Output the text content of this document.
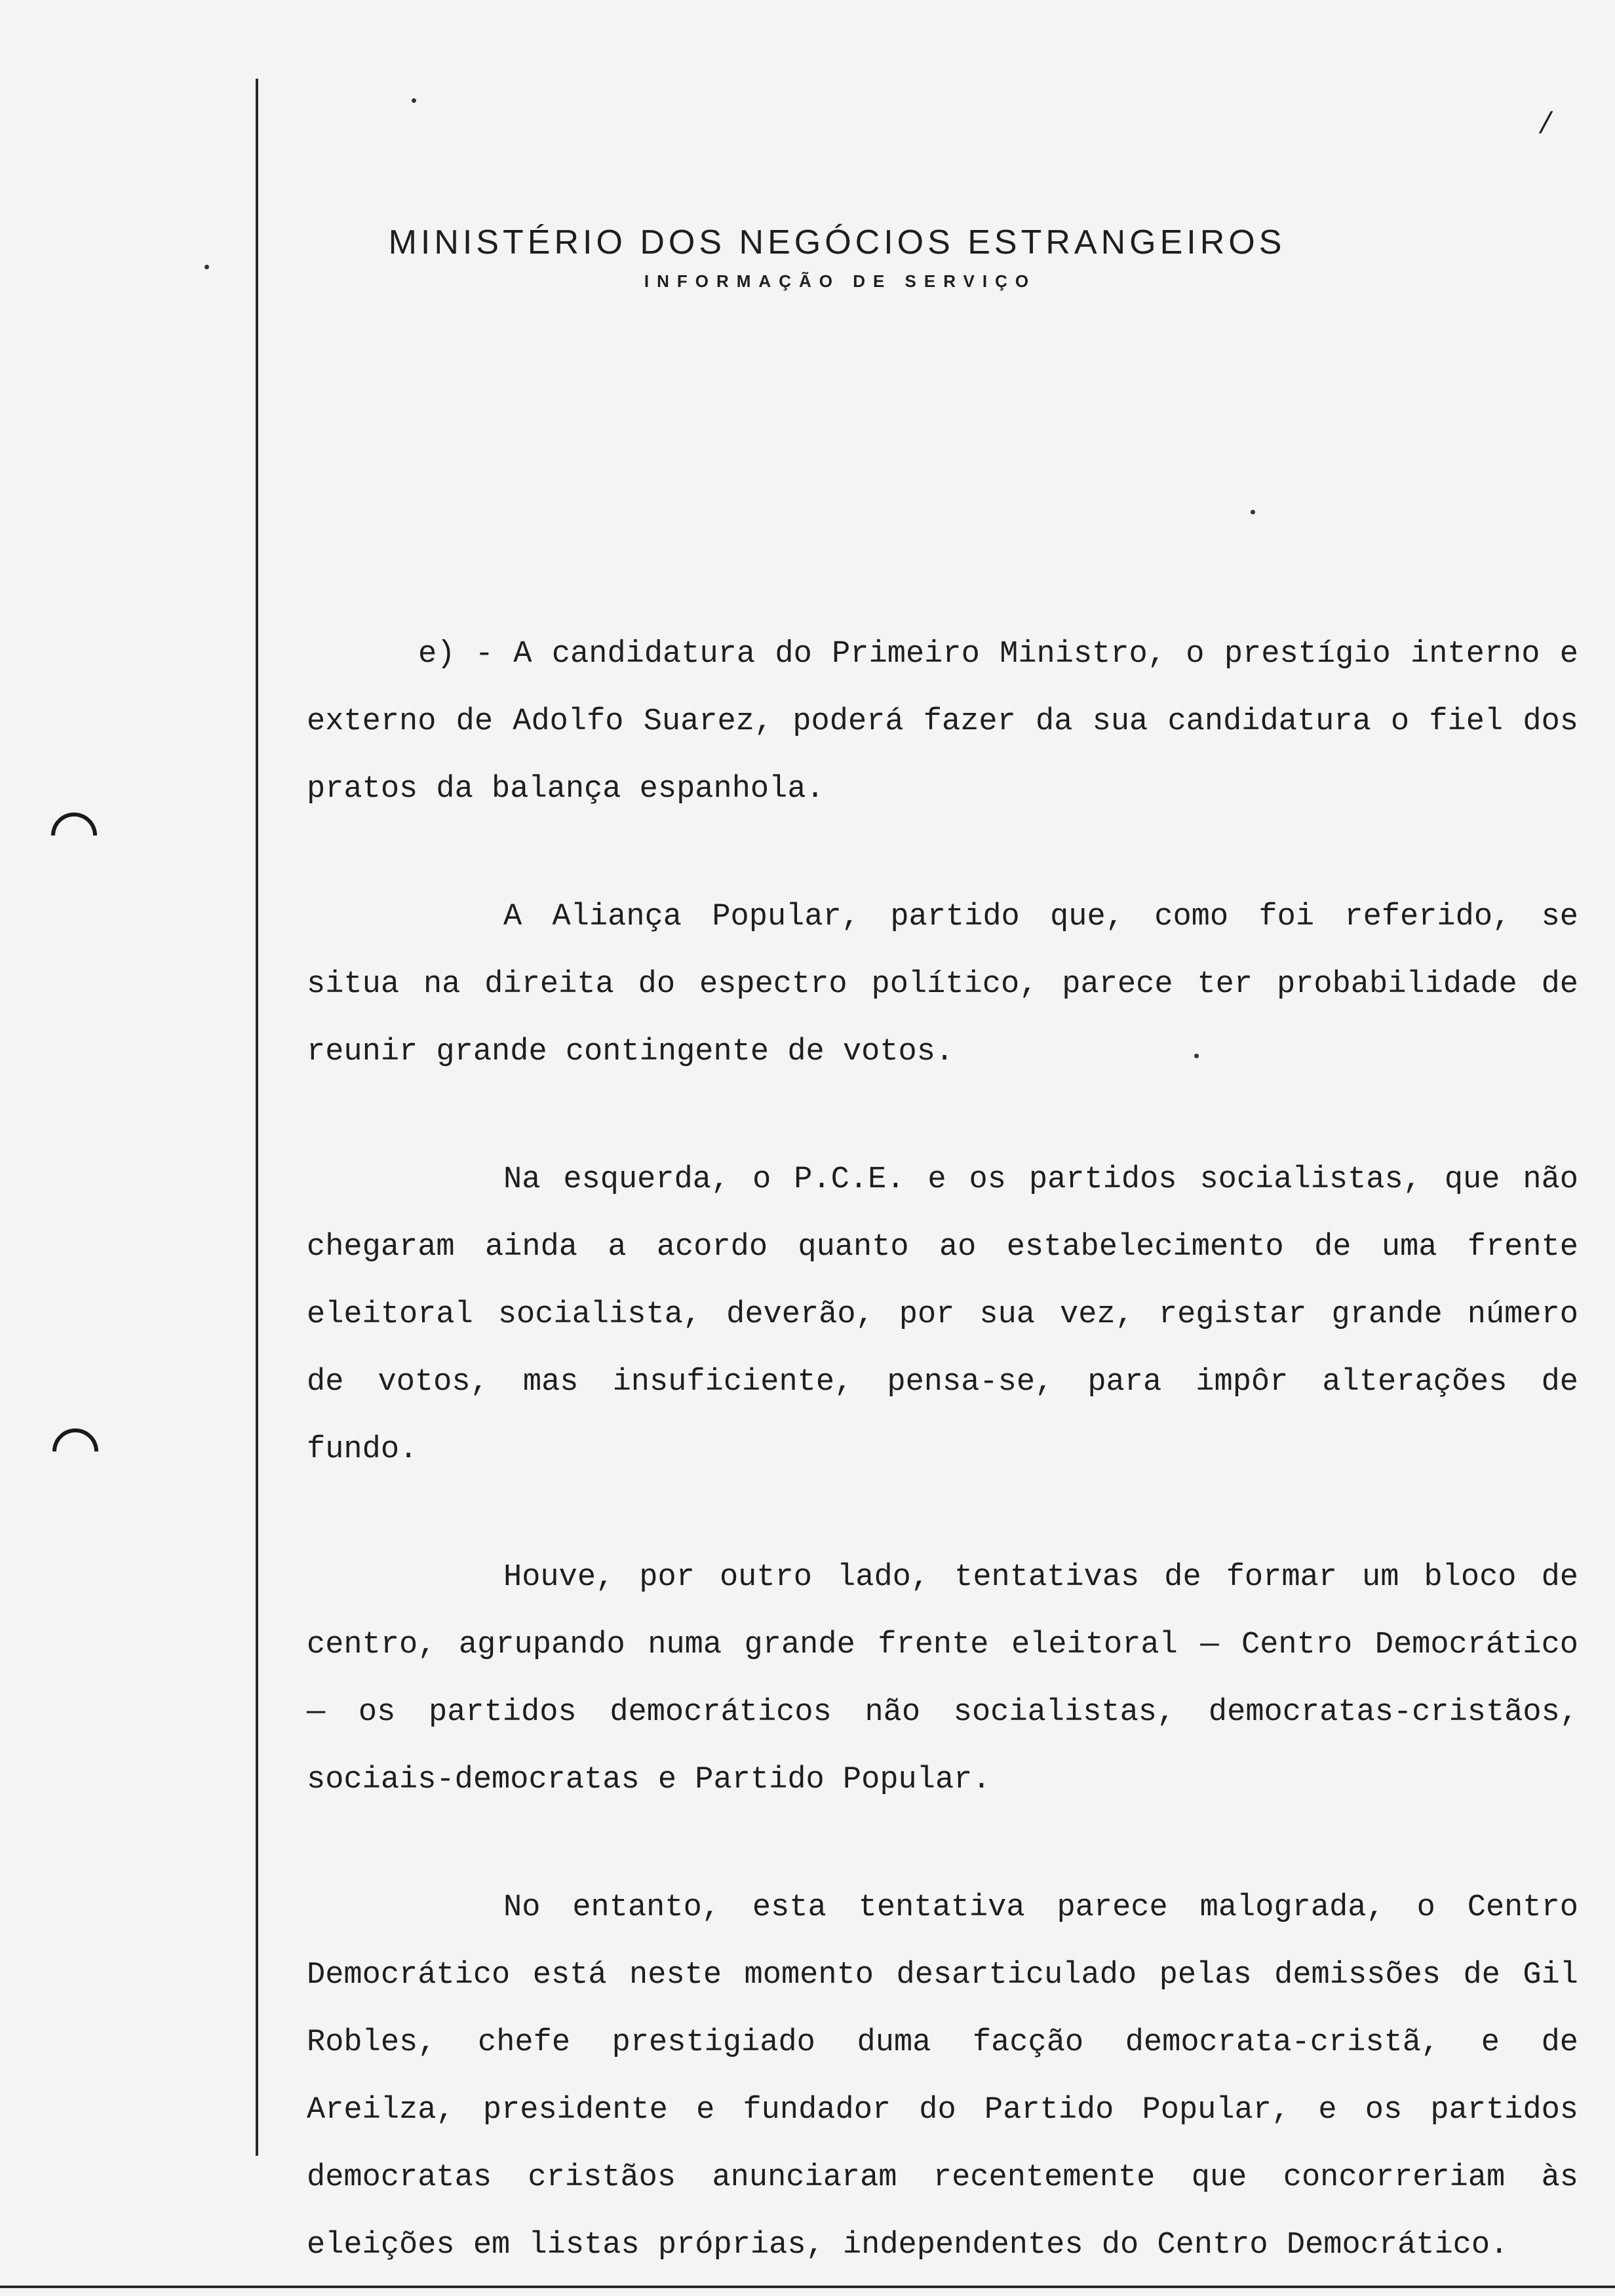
/
MINISTÉRIO DOS NEGÓCIOS ESTRANGEIROS
INFORMAÇÃO DE SERVIÇO

e) - A candidatura do Primeiro Ministro, o prestígio interno e externo de Adolfo Suarez, poderá fazer da sua candidatura o fiel dos pratos da balança espanhola.

A Aliança Popular, partido que, como foi referido, se situa na direita do espectro político, parece ter probabilidade de reunir grande contingente de votos.

Na esquerda, o P.C.E. e os partidos socialistas, que não chegaram ainda a acordo quanto ao estabelecimento de uma frente eleitoral socialista, deverão, por sua vez, registar grande número de votos, mas insuficiente, pensa-se, para impôr alterações de fundo.

Houve, por outro lado, tentativas de formar um bloco de centro, agrupando numa grande frente eleitoral — Centro Democrático — os partidos democráticos não socialistas, democratas-cristãos, sociais-democratas e Partido Popular.

No entanto, esta tentativa parece malograda, o Centro Democrático está neste momento desarticulado pelas demissões de Gil Robles, chefe prestigiado duma facção democrata-cristã, e de Areilza, presidente e fundador do Partido Popular, e os partidos democratas cristãos anunciaram recentemente que concorreriam às eleições em listas próprias, independentes do Centro Democrático.
